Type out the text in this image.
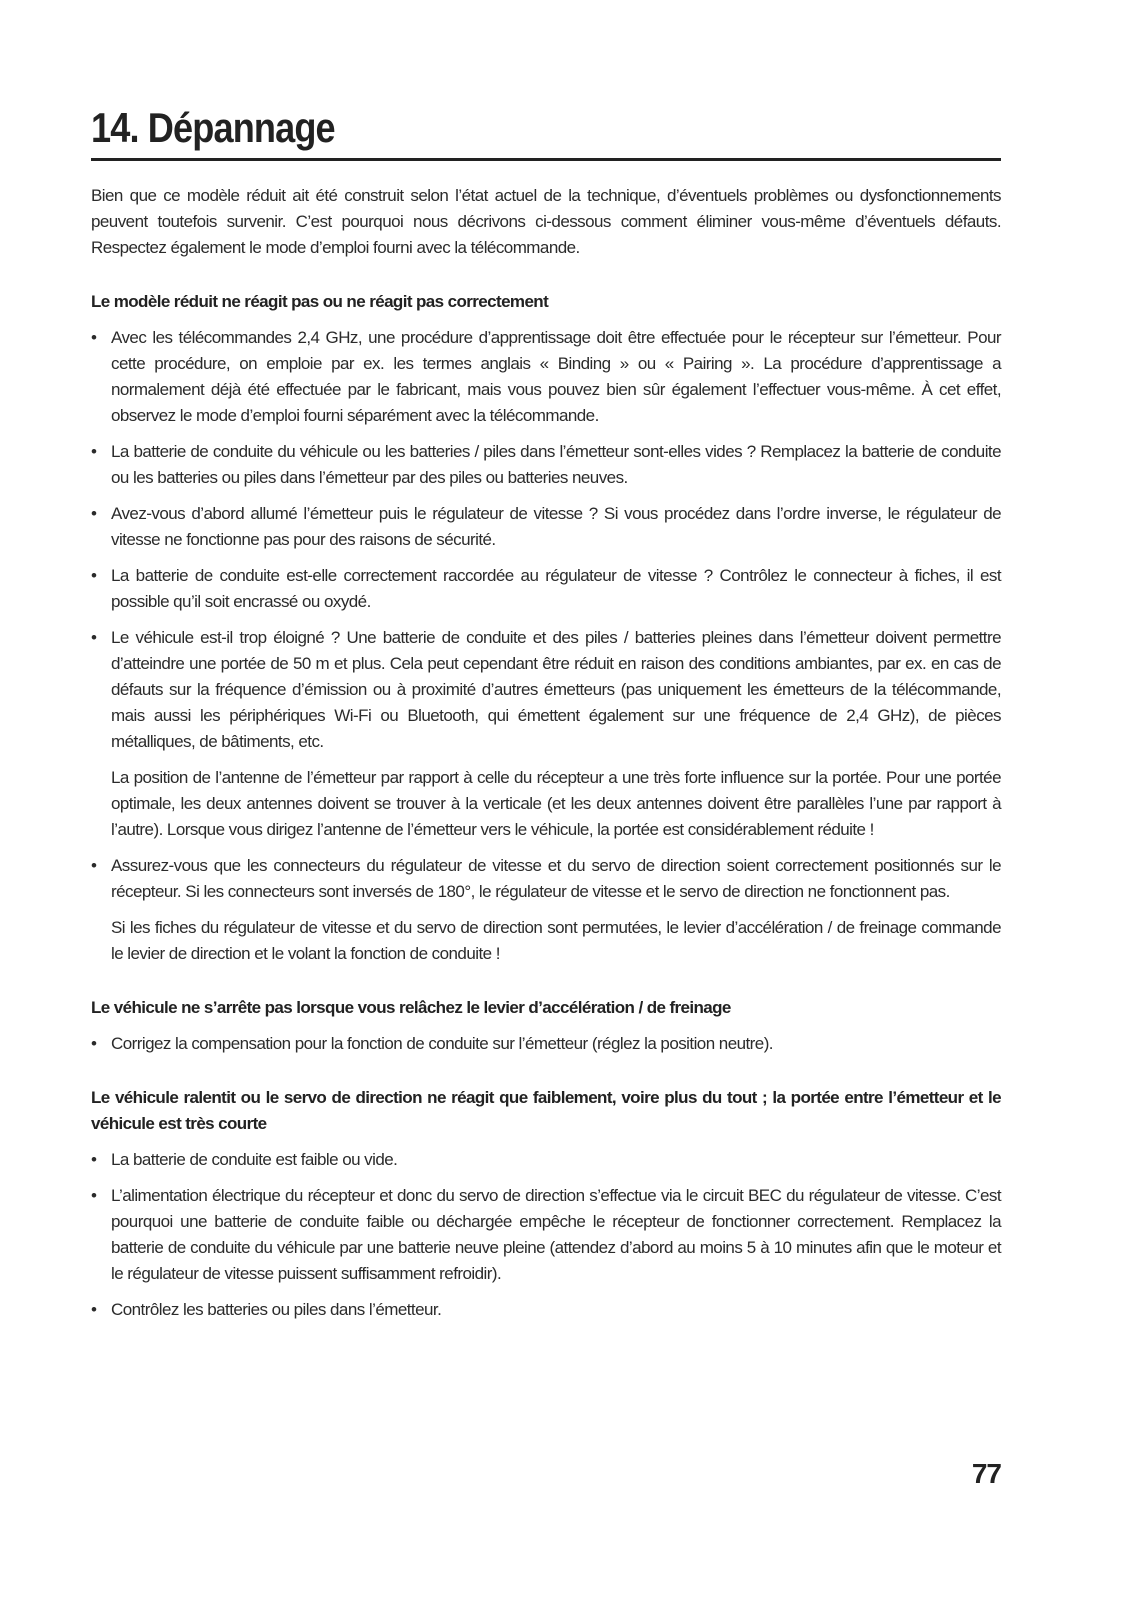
14. Dépannage

Bien que ce modèle réduit ait été construit selon l’état actuel de la technique, d’éventuels problèmes ou dysfonctionnements peuvent toutefois survenir. C’est pourquoi nous décrivons ci-dessous comment éliminer vous-même d’éventuels défauts. Respectez également le mode d’emploi fourni avec la télécommande.

Le modèle réduit ne réagit pas ou ne réagit pas correctement
• Avec les télécommandes 2,4 GHz, une procédure d’apprentissage doit être effectuée pour le récepteur sur l’émetteur. Pour cette procédure, on emploie par ex. les termes anglais « Binding » ou « Pairing ». La procédure d’apprentissage a normalement déjà été effectuée par le fabricant, mais vous pouvez bien sûr également l’effectuer vous-même. À cet effet, observez le mode d’emploi fourni séparément avec la télécommande.

• La batterie de conduite du véhicule ou les batteries / piles dans l’émetteur sont-elles vides ? Remplacez la batterie de conduite ou les batteries ou piles dans l’émetteur par des piles ou batteries neuves.

• Avez-vous d’abord allumé l’émetteur puis le régulateur de vitesse ? Si vous procédez dans l’ordre inverse, le régulateur de vitesse ne fonctionne pas pour des raisons de sécurité.

• La batterie de conduite est-elle correctement raccordée au régulateur de vitesse ? Contrôlez le connecteur à fiches, il est possible qu’il soit encrassé ou oxydé.

• Le véhicule est-il trop éloigné ? Une batterie de conduite et des piles / batteries pleines dans l’émetteur doivent permettre d’atteindre une portée de 50 m et plus. Cela peut cependant être réduit en raison des conditions ambiantes, par ex. en cas de défauts sur la fréquence d’émission ou à proximité d’autres émetteurs (pas uniquement les émetteurs de la télécommande, mais aussi les périphériques Wi-Fi ou Bluetooth, qui émettent également sur une fréquence de 2,4 GHz), de pièces métalliques, de bâtiments, etc.

La position de l’antenne de l’émetteur par rapport à celle du récepteur a une très forte influence sur la portée. Pour une portée optimale, les deux antennes doivent se trouver à la verticale (et les deux antennes doivent être parallèles l’une par rapport à l’autre). Lorsque vous dirigez l’antenne de l’émetteur vers le véhicule, la portée est considérablement réduite !

• Assurez-vous que les connecteurs du régulateur de vitesse et du servo de direction soient correctement positionnés sur le récepteur. Si les connecteurs sont inversés de 180°, le régulateur de vitesse et le servo de direction ne fonctionnent pas.

Si les fiches du régulateur de vitesse et du servo de direction sont permutées, le levier d’accélération / de freinage commande le levier de direction et le volant la fonction de conduite !

Le véhicule ne s’arrête pas lorsque vous relâchez le levier d’accélération / de freinage
• Corrigez la compensation pour la fonction de conduite sur l’émetteur (réglez la position neutre).

Le véhicule ralentit ou le servo de direction ne réagit que faiblement, voire plus du tout ; la portée entre l’émetteur et le véhicule est très courte
• La batterie de conduite est faible ou vide.

• L’alimentation électrique du récepteur et donc du servo de direction s’effectue via le circuit BEC du régulateur de vitesse. C’est pourquoi une batterie de conduite faible ou déchargée empêche le récepteur de fonctionner correctement. Remplacez la batterie de conduite du véhicule par une batterie neuve pleine (attendez d’abord au moins 5 à 10 minutes afin que le moteur et le régulateur de vitesse puissent suffisamment refroidir).

• Contrôlez les batteries ou piles dans l’émetteur.

77
